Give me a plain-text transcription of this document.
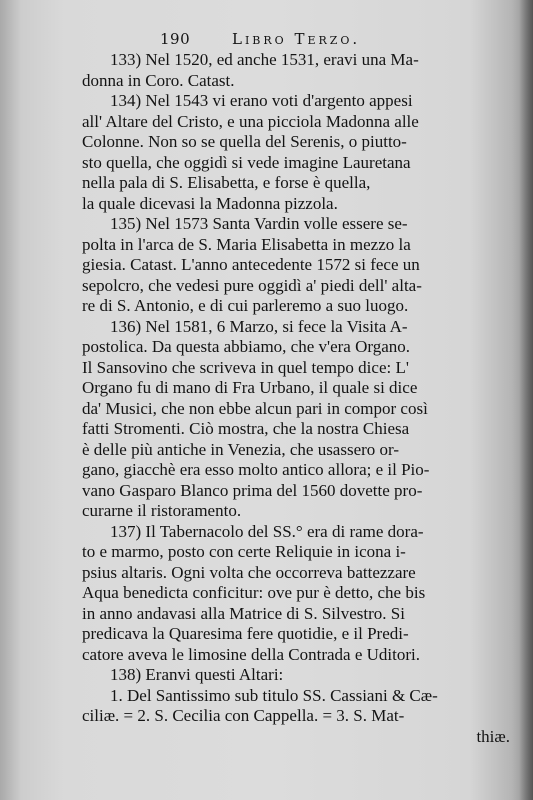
190	Libro Terzo.
133) Nel 1520, ed anche 1531, eravi una Ma-
donna in Coro. Catast.
134) Nel 1543 vi erano voti d'argento appesi
all' Altare del Cristo, e una picciola Madonna alle
Colonne. Non so se quella del Serenis, o piutto-
sto quella, che oggidì si vede imagine Lauretana
nella pala di S. Elisabetta, e forse è quella,
la quale dicevasi la Madonna pizzola.
135) Nel 1573 Santa Vardin volle essere se-
polta in l'arca de S. Maria Elisabetta in mezzo la
giesia. Catast. L'anno antecedente 1572 si fece un
sepolcro, che vedesi pure oggidì a' piedi dell' alta-
re di S. Antonio, e di cui parleremo a suo luogo.
136) Nel 1581, 6 Marzo, si fece la Visita A-
postolica. Da questa abbiamo, che v'era Organo.
Il Sansovino che scriveva in quel tempo dice: L'
Organo fu di mano di Fra Urbano, il quale si dice
da' Musici, che non ebbe alcun pari in compor così
fatti Stromenti. Ciò mostra, che la nostra Chiesa
è delle più antiche in Venezia, che usassero or-
gano, giacchè era esso molto antico allora; e il Pio-
vano Gasparo Blanco prima del 1560 dovette pro-
curarne il ristoramento.
137) Il Tabernacolo del SS.° era di rame dora-
to e marmo, posto con certe Reliquie in icona i-
psius altaris. Ogni volta che occorreva battezzare
Aqua benedicta conficitur: ove pur è detto, che bis
in anno andavasi alla Matrice di S. Silvestro. Si
predicava la Quaresima fere quotidie, e il Predi-
catore aveva le limosine della Contrada e Uditori.
138) Eranvi questi Altari:
1. Del Santissimo sub titulo SS. Cassiani & Cæ-
ciliæ. = 2. S. Cecilia con Cappella. = 3. S. Mat-
thiæ.
